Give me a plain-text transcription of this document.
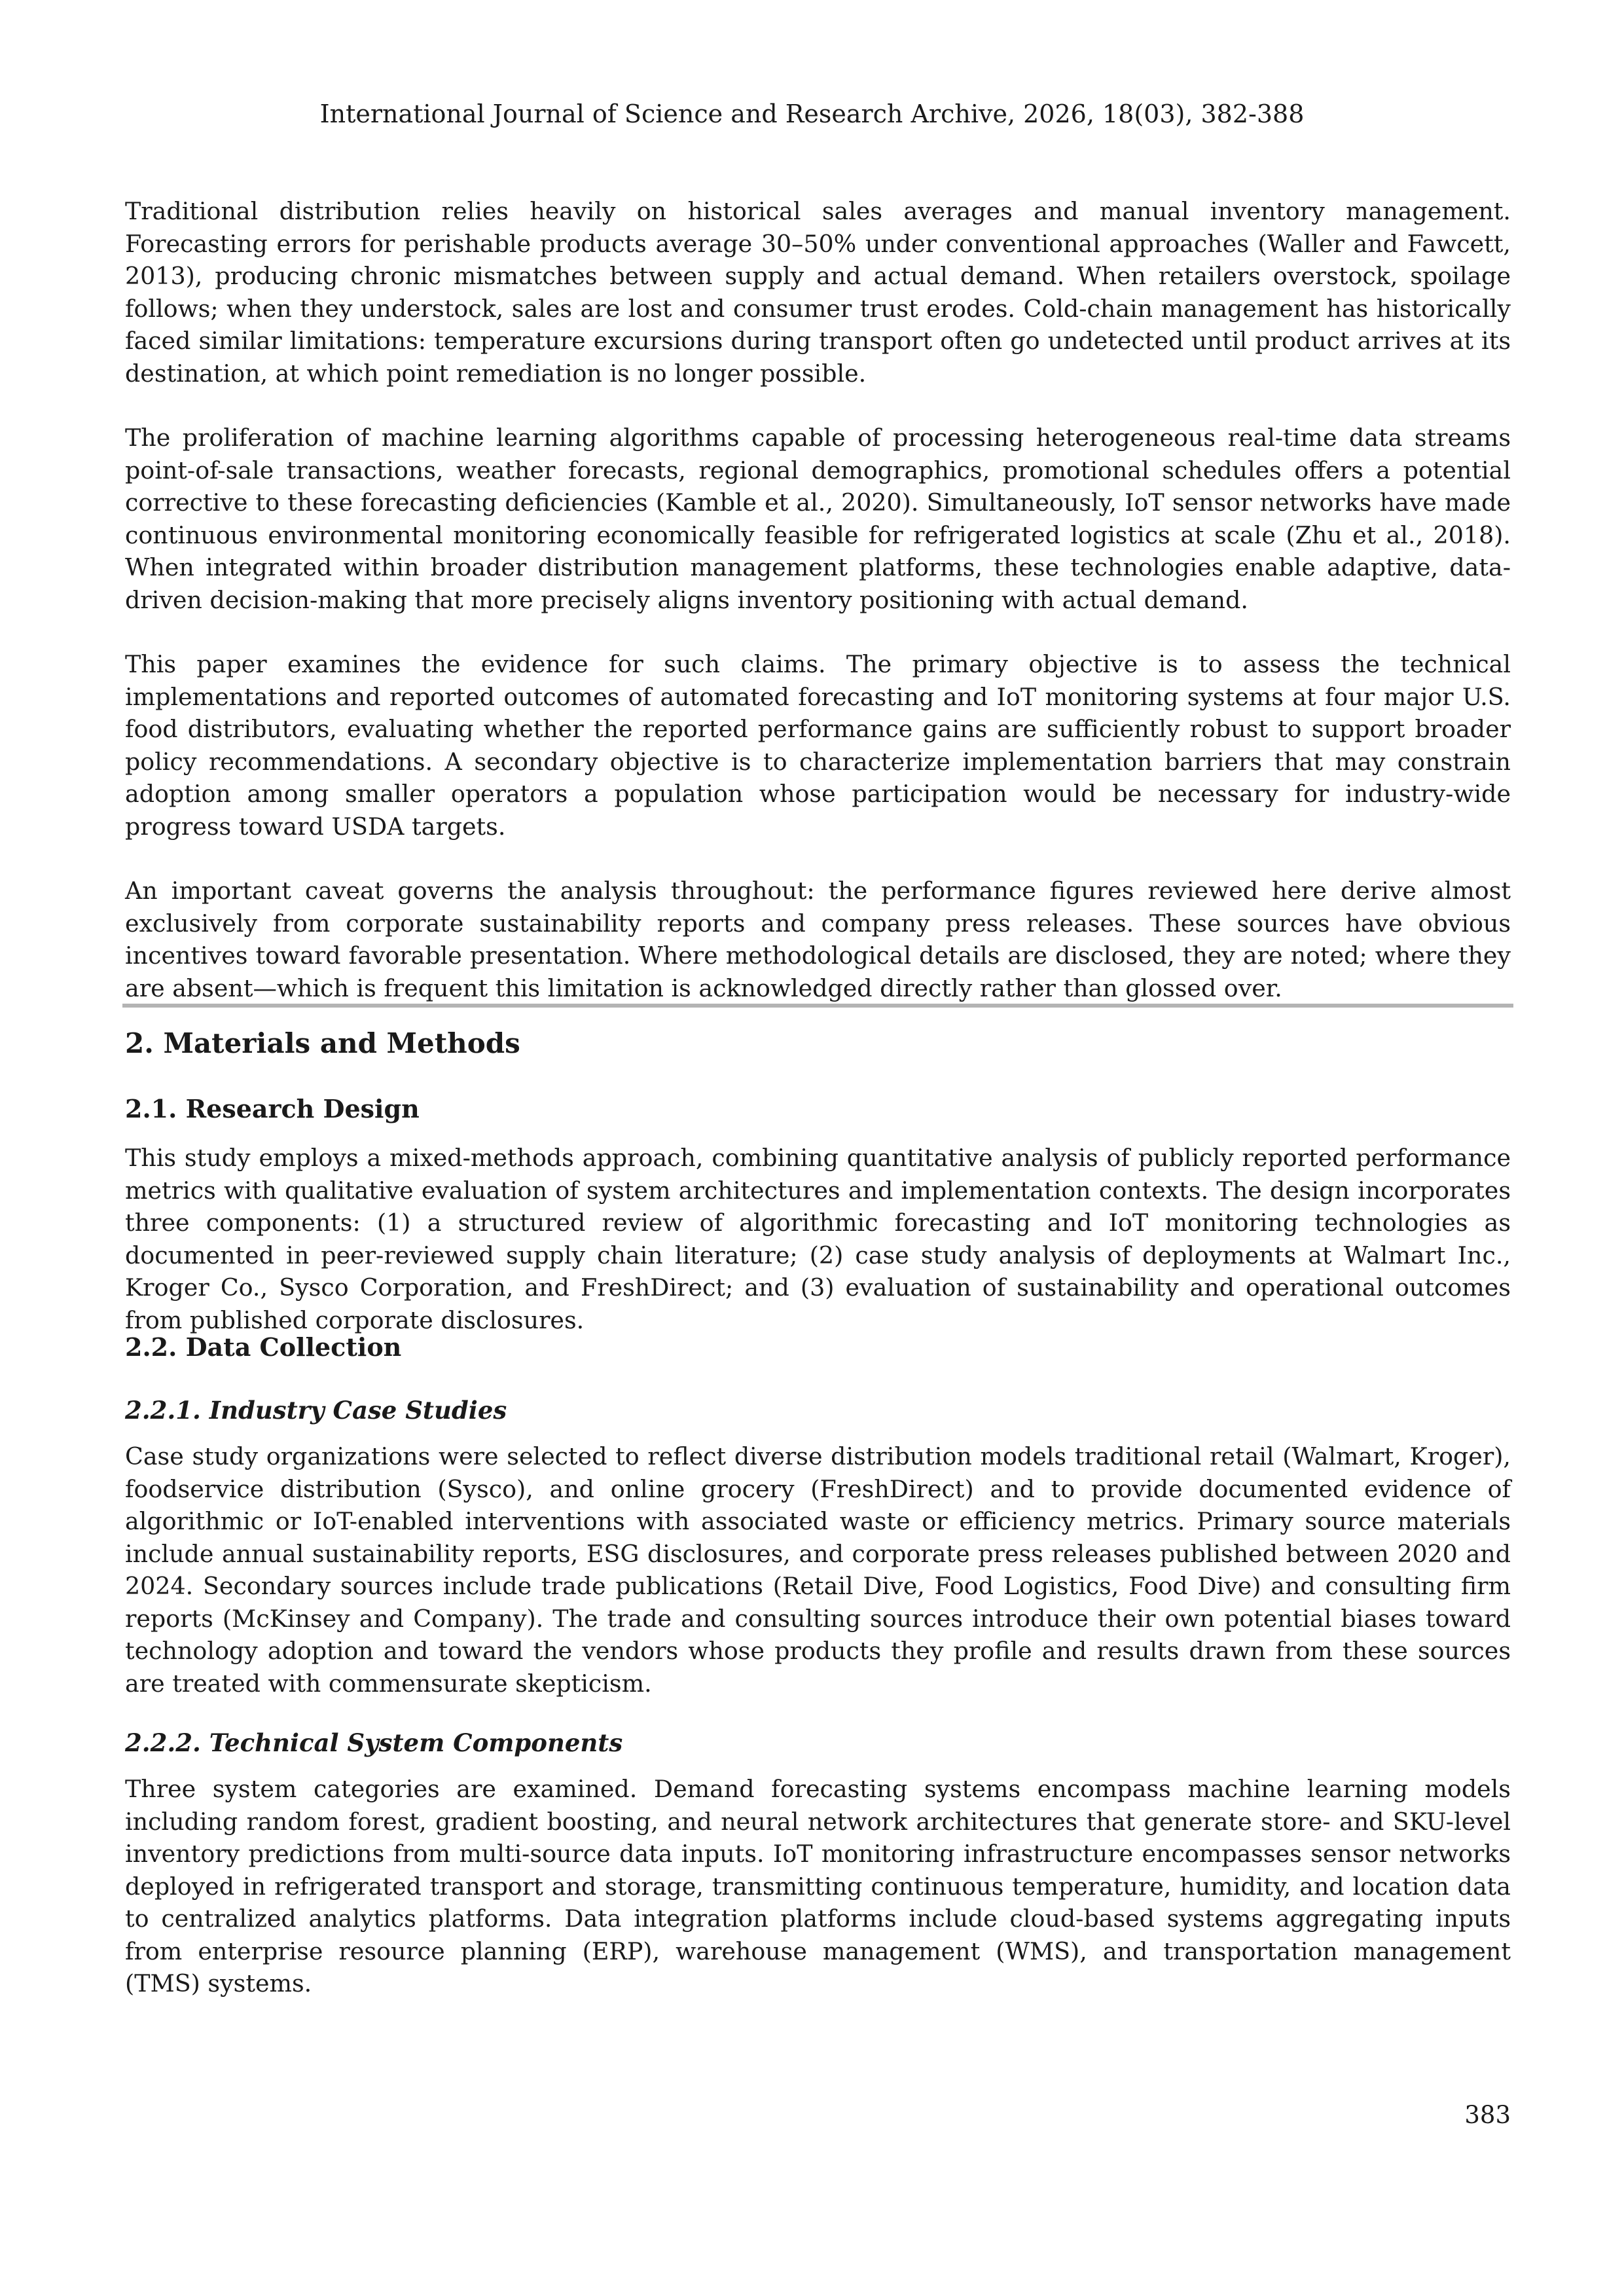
International Journal of Science and Research Archive, 2026, 18(03), 382-388

Traditional distribution relies heavily on historical sales averages and manual inventory management. Forecasting errors for perishable products average 30–50% under conventional approaches (Waller and Fawcett, 2013), producing chronic mismatches between supply and actual demand. When retailers overstock, spoilage follows; when they understock, sales are lost and consumer trust erodes. Cold-chain management has historically faced similar limitations: temperature excursions during transport often go undetected until product arrives at its destination, at which point remediation is no longer possible.

The proliferation of machine learning algorithms capable of processing heterogeneous real-time data streams point-of-sale transactions, weather forecasts, regional demographics, promotional schedules offers a potential corrective to these forecasting deficiencies (Kamble et al., 2020). Simultaneously, IoT sensor networks have made continuous environmental monitoring economically feasible for refrigerated logistics at scale (Zhu et al., 2018). When integrated within broader distribution management platforms, these technologies enable adaptive, data-driven decision-making that more precisely aligns inventory positioning with actual demand.

This paper examines the evidence for such claims. The primary objective is to assess the technical implementations and reported outcomes of automated forecasting and IoT monitoring systems at four major U.S. food distributors, evaluating whether the reported performance gains are sufficiently robust to support broader policy recommendations. A secondary objective is to characterize implementation barriers that may constrain adoption among smaller operators a population whose participation would be necessary for industry-wide progress toward USDA targets.

An important caveat governs the analysis throughout: the performance figures reviewed here derive almost exclusively from corporate sustainability reports and company press releases. These sources have obvious incentives toward favorable presentation. Where methodological details are disclosed, they are noted; where they are absent—which is frequent this limitation is acknowledged directly rather than glossed over.

2. Materials and Methods
2.1. Research Design

This study employs a mixed-methods approach, combining quantitative analysis of publicly reported performance metrics with qualitative evaluation of system architectures and implementation contexts. The design incorporates three components: (1) a structured review of algorithmic forecasting and IoT monitoring technologies as documented in peer-reviewed supply chain literature; (2) case study analysis of deployments at Walmart Inc., Kroger Co., Sysco Corporation, and FreshDirect; and (3) evaluation of sustainability and operational outcomes from published corporate disclosures.

2.2. Data Collection
2.2.1. Industry Case Studies

Case study organizations were selected to reflect diverse distribution models traditional retail (Walmart, Kroger), foodservice distribution (Sysco), and online grocery (FreshDirect) and to provide documented evidence of algorithmic or IoT-enabled interventions with associated waste or efficiency metrics. Primary source materials include annual sustainability reports, ESG disclosures, and corporate press releases published between 2020 and 2024. Secondary sources include trade publications (Retail Dive, Food Logistics, Food Dive) and consulting firm reports (McKinsey and Company). The trade and consulting sources introduce their own potential biases toward technology adoption and toward the vendors whose products they profile and results drawn from these sources are treated with commensurate skepticism.

2.2.2. Technical System Components

Three system categories are examined. Demand forecasting systems encompass machine learning models including random forest, gradient boosting, and neural network architectures that generate store- and SKU-level inventory predictions from multi-source data inputs. IoT monitoring infrastructure encompasses sensor networks deployed in refrigerated transport and storage, transmitting continuous temperature, humidity, and location data to centralized analytics platforms. Data integration platforms include cloud-based systems aggregating inputs from enterprise resource planning (ERP), warehouse management (WMS), and transportation management (TMS) systems.

383
